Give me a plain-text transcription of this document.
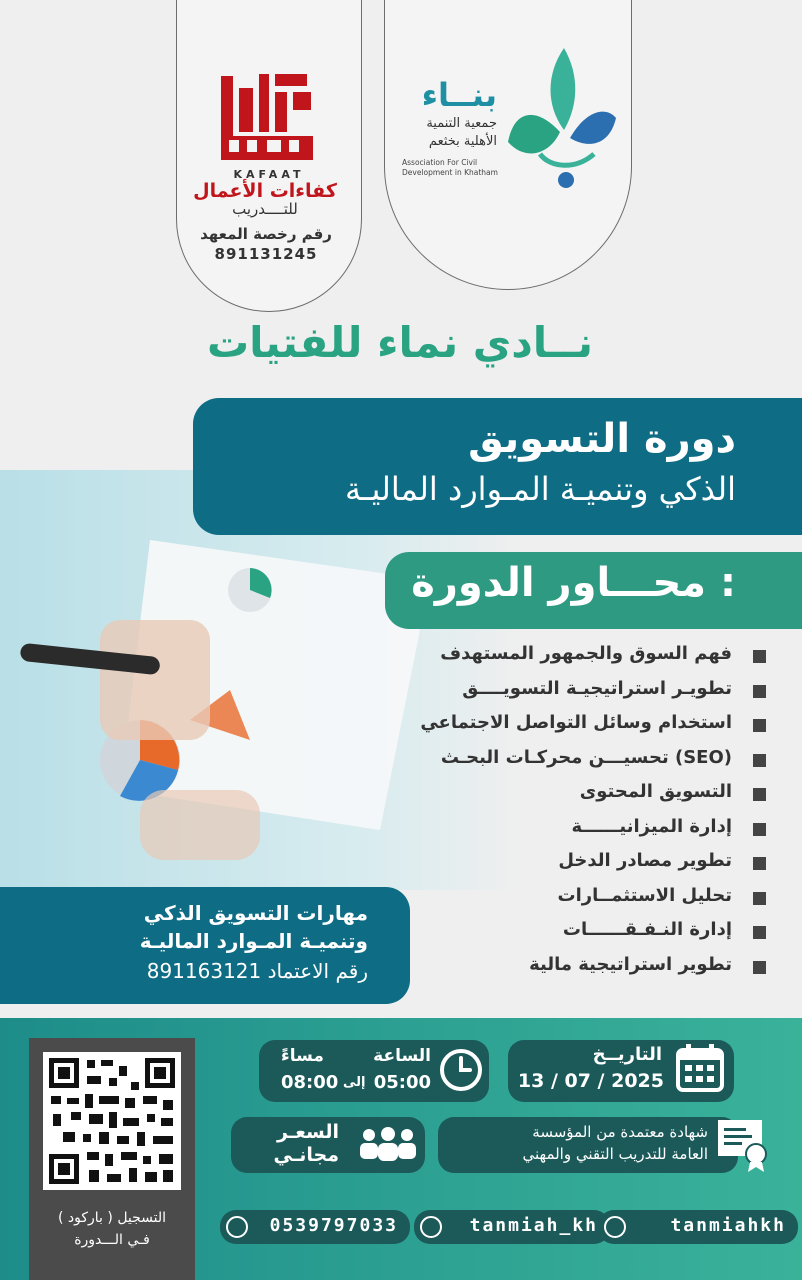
KAFAAT
كفاءات الأعمال
للتــــدريب
رقم رخصة المعهد
891131245
بنــاء
جمعية التنمية
الأهلية بخثعم
Association For Civil
Development in Khatham
نــادي نماء للفتيات
دورة التسويق
الذكي وتنميـة المـوارد الماليـة
محـــاور الدورة :
فهم السوق والجمهور المستهدف
تطويـر استراتيجيـة التسويــــق
استخدام وسائل التواصل الاجتماعي
تحسيـــن محركـات البحـث (SEO)
التسويق المحتوى
إدارة الميزانيــــــة
تطوير مصادر الدخل
تحليل الاستثمــارات
إدارة النـفـقــــــات
تطوير استراتيجية مالية
مهارات التسويق الذكي
وتنميـة المـوارد الماليـة
رقم الاعتماد 891163121
( باركود ) التسجيل
فـي الـــدورة
التاريــخ
13 / 07 / 2025
الساعة
مساءً
05:00
إلى
08:00
شهادة معتمدة من المؤسسة
العامة للتدريب التقني والمهني
السعـر
مجانـي
0539797033	tanmiah_kh	tanmiahkh
